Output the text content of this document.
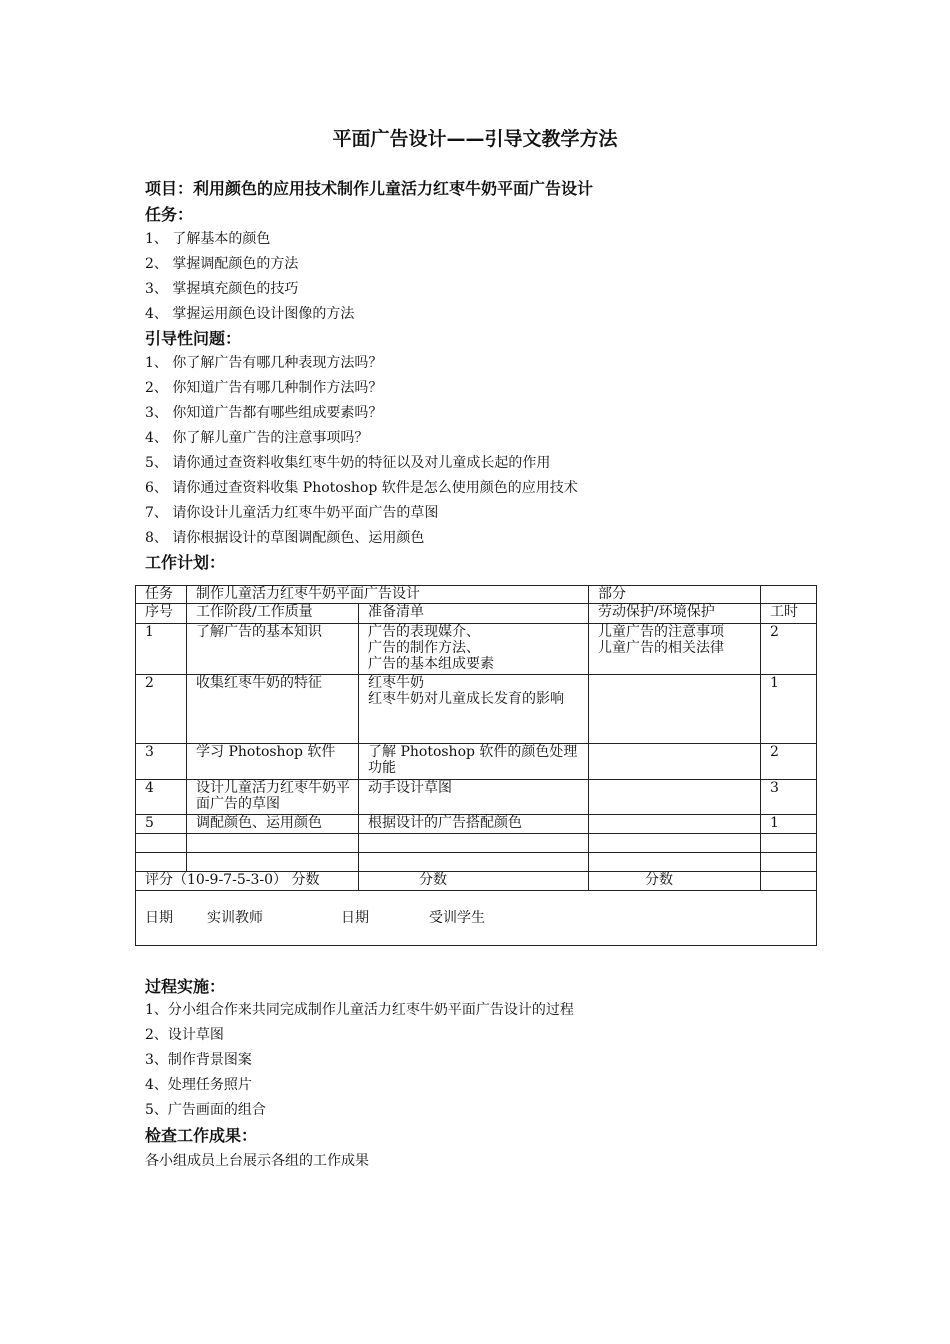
平面广告设计——引导文教学方法
项目：利用颜色的应用技术制作儿童活力红枣牛奶平面广告设计
任务：
1、 了解基本的颜色
2、 掌握调配颜色的方法
3、 掌握填充颜色的技巧
4、 掌握运用颜色设计图像的方法
引导性问题：
1、 你了解广告有哪几种表现方法吗？
2、 你知道广告有哪几种制作方法吗？
3、 你知道广告都有哪些组成要素吗？
4、 你了解儿童广告的注意事项吗？
5、 请你通过查资料收集红枣牛奶的特征以及对儿童成长起的作用
6、 请你通过查资料收集 Photoshop 软件是怎么使用颜色的应用技术
7、 请你设计儿童活力红枣牛奶平面广告的草图
8、 请你根据设计的草图调配颜色、运用颜色
工作计划：
任务	制作儿童活力红枣牛奶平面广告设计		部分	
序号	工作阶段/工作质量	准备清单	劳动保护/环境保护	工时
1	了解广告的基本知识	广告的表现媒介、
广告的制作方法、
广告的基本组成要素	儿童广告的注意事项
儿童广告的相关法律	2
2	收集红枣牛奶的特征	红枣牛奶
红枣牛奶对儿童成长发育的影响		1
3	学习 Photoshop 软件	了解 Photoshop 软件的颜色处理功能		2
4	设计儿童活力红枣牛奶平面广告的草图	动手设计草图		3
5	调配颜色、运用颜色	根据设计的广告搭配颜色		1

评分（10-9-7-5-3-0） 分数		分数	分数	
日期 实训教师 日期 受训学生				
过程实施：
1、分小组合作来共同完成制作儿童活力红枣牛奶平面广告设计的过程
2、设计草图
3、制作背景图案
4、处理任务照片
5、广告画面的组合
检查工作成果：
各小组成员上台展示各组的工作成果
